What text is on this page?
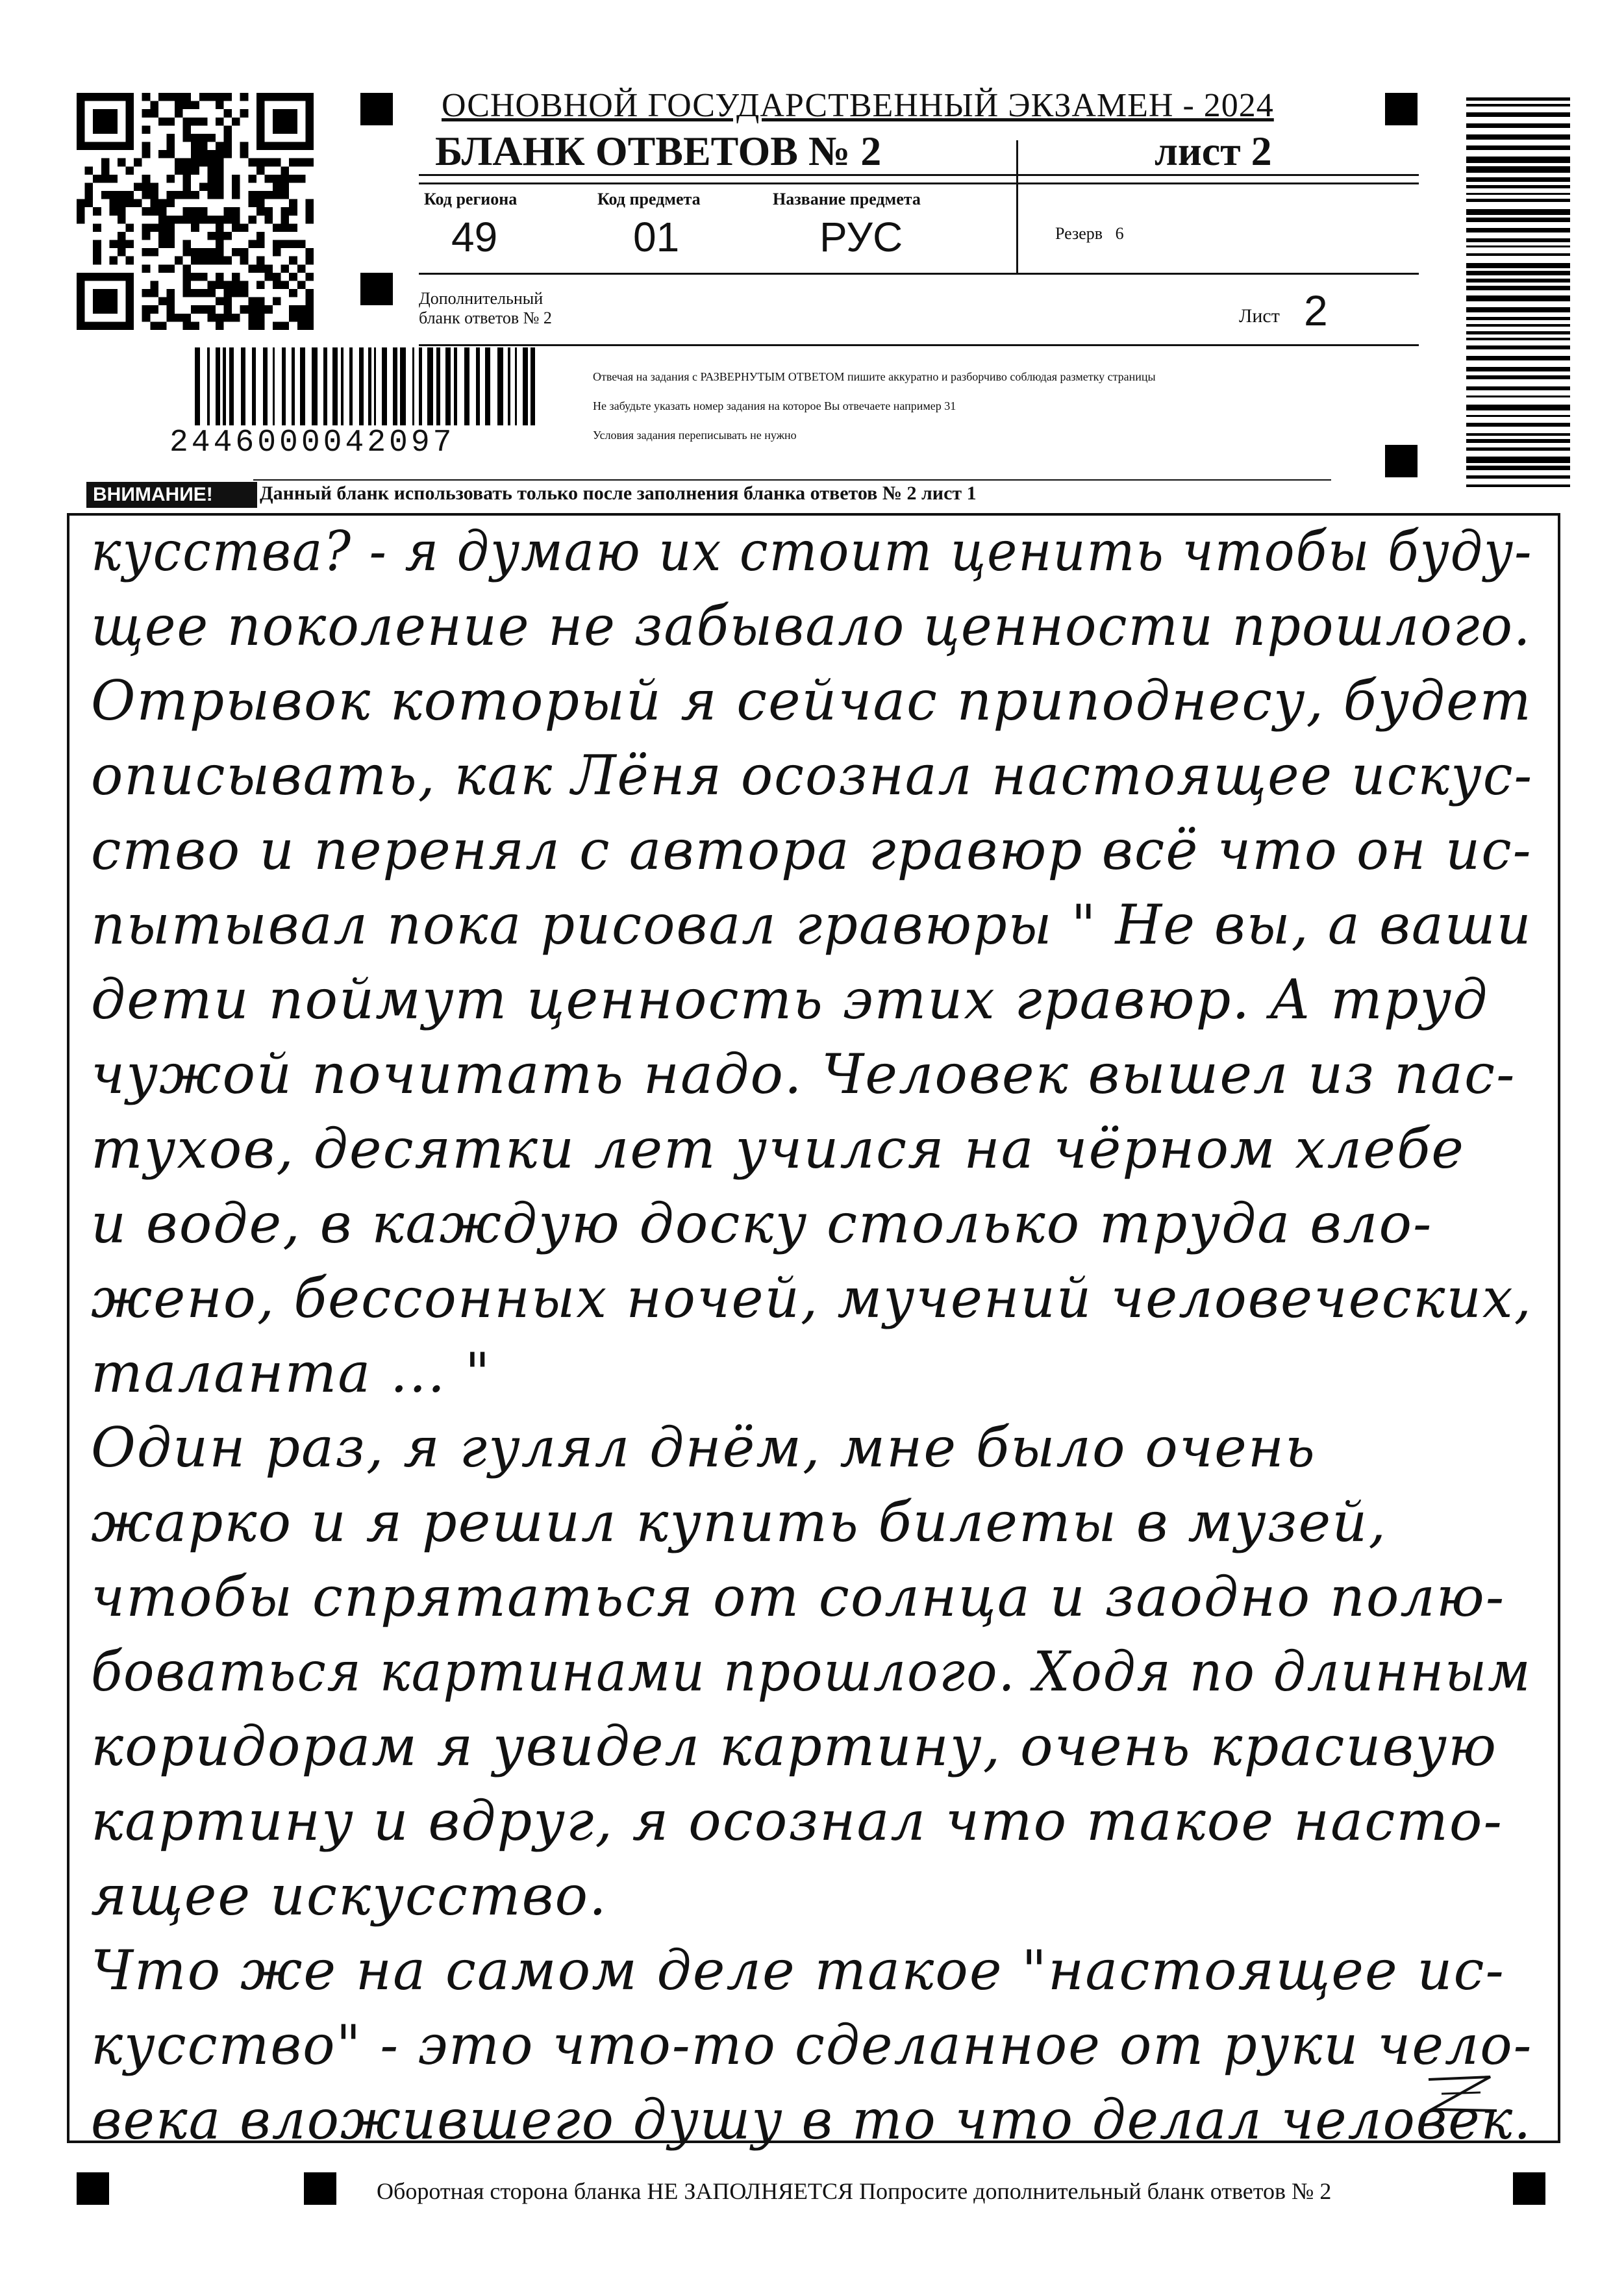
2446000042097
ОСНОВНОЙ ГОСУДАРСТВЕННЫЙ ЭКЗАМЕН - 2024
БЛАНК ОТВЕТОВ № 2	лист 2
Код региона	Код предмета	Название предмета
49	01	РУС	Резерв 6
Дополнительный
бланк ответов № 2	Лист 2
Отвечая на задания с РАЗВЕРНУТЫМ ОТВЕТОМ пишите аккуратно и разборчиво соблюдая разметку страницы
Не забудьте указать номер задания на которое Вы отвечаете например 31
Условия задания переписывать не нужно
ВНИМАНИЕ!	Данный бланк использовать только после заполнения бланка ответов № 2 лист 1
кусства? - я думаю их стоит ценить чтобы буду-
щее поколение не забывало ценности прошлого.
Отрывок который я сейчас приподнесу, будет
описывать, как Лёня осознал настоящее искус-
ство и перенял с автора гравюр всё что он ис-
пытывал пока рисовал гравюры " Не вы, а ваши
дети поймут ценность этих гравюр. А труд
чужой почитать надо. Человек вышел из пас-
тухов, десятки лет учился на чёрном хлебе
и воде, в каждую доску столько труда вло-
жено, бессонных ночей, мучений человеческих,
таланта ... "
Один раз, я гулял днём, мне было очень
жарко и я решил купить билеты в музей,
чтобы спрятаться от солнца и заодно полю-
боваться картинами прошлого. Ходя по длинным
коридорам я увидел картину, очень красивую
картину и вдруг, я осознал что такое насто-
ящее искусство.
Что же на самом деле такое "настоящее ис-
кусство" - это что-то сделанное от руки чело-
века вложившего душу в то что делал человек.
Оборотная сторона бланка НЕ ЗАПОЛНЯЕТСЯ Попросите дополнительный бланк ответов № 2
